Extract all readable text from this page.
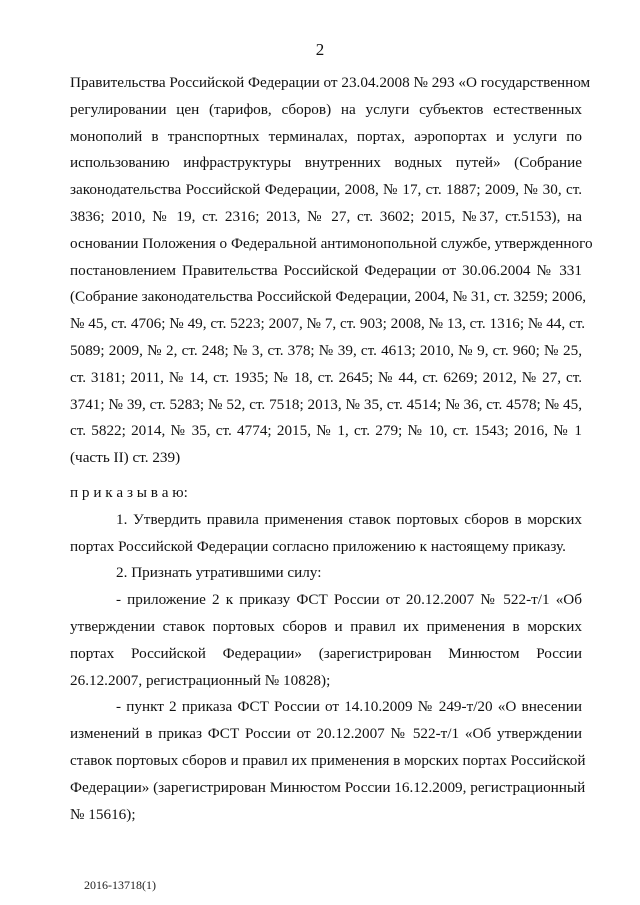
2
Правительства Российской Федерации от 23.04.2008 № 293 «О государственном
регулировании цен (тарифов, сборов) на услуги субъектов естественных
монополий в транспортных терминалах, портах, аэропортах и услуги по
использованию инфраструктуры внутренних водных путей» (Собрание
законодательства Российской Федерации, 2008, № 17, ст. 1887; 2009, № 30, ст.
3836; 2010, № 19, ст. 2316; 2013, № 27, ст. 3602; 2015, №37, ст.5153), на
основании Положения о Федеральной антимонопольной службе, утвержденного
постановлением Правительства Российской Федерации от 30.06.2004 № 331
(Собрание законодательства Российской Федерации, 2004, № 31, ст. 3259; 2006,
№ 45, ст. 4706; № 49, ст. 5223; 2007, № 7, ст. 903; 2008, № 13, ст. 1316; № 44, ст.
5089; 2009, № 2, ст. 248; № 3, ст. 378; № 39, ст. 4613; 2010, № 9, ст. 960; № 25,
ст. 3181; 2011, № 14, ст. 1935; № 18, ст. 2645; № 44, ст. 6269; 2012, № 27, ст.
3741; № 39, ст. 5283; № 52, ст. 7518; 2013, № 35, ст. 4514; № 36, ст. 4578; № 45,
ст. 5822; 2014, № 35, ст. 4774; 2015, № 1, ст. 279; № 10, ст. 1543; 2016, № 1
(часть II) ст. 239)
п р и к а з ы в а ю:
1. Утвердить правила применения ставок портовых сборов в морских
портах Российской Федерации согласно приложению к настоящему приказу.
2. Признать утратившими силу:
- приложение 2 к приказу ФСТ России от 20.12.2007 № 522-т/1 «Об
утверждении ставок портовых сборов и правил их применения в морских
портах Российской Федерации» (зарегистрирован Минюстом России
26.12.2007, регистрационный № 10828);
- пункт 2 приказа ФСТ России от 14.10.2009 № 249-т/20 «О внесении
изменений в приказ ФСТ России от 20.12.2007 № 522-т/1 «Об утверждении
ставок портовых сборов и правил их применения в морских портах Российской
Федерации» (зарегистрирован Минюстом России 16.12.2009, регистрационный
№ 15616);
2016-13718(1)
